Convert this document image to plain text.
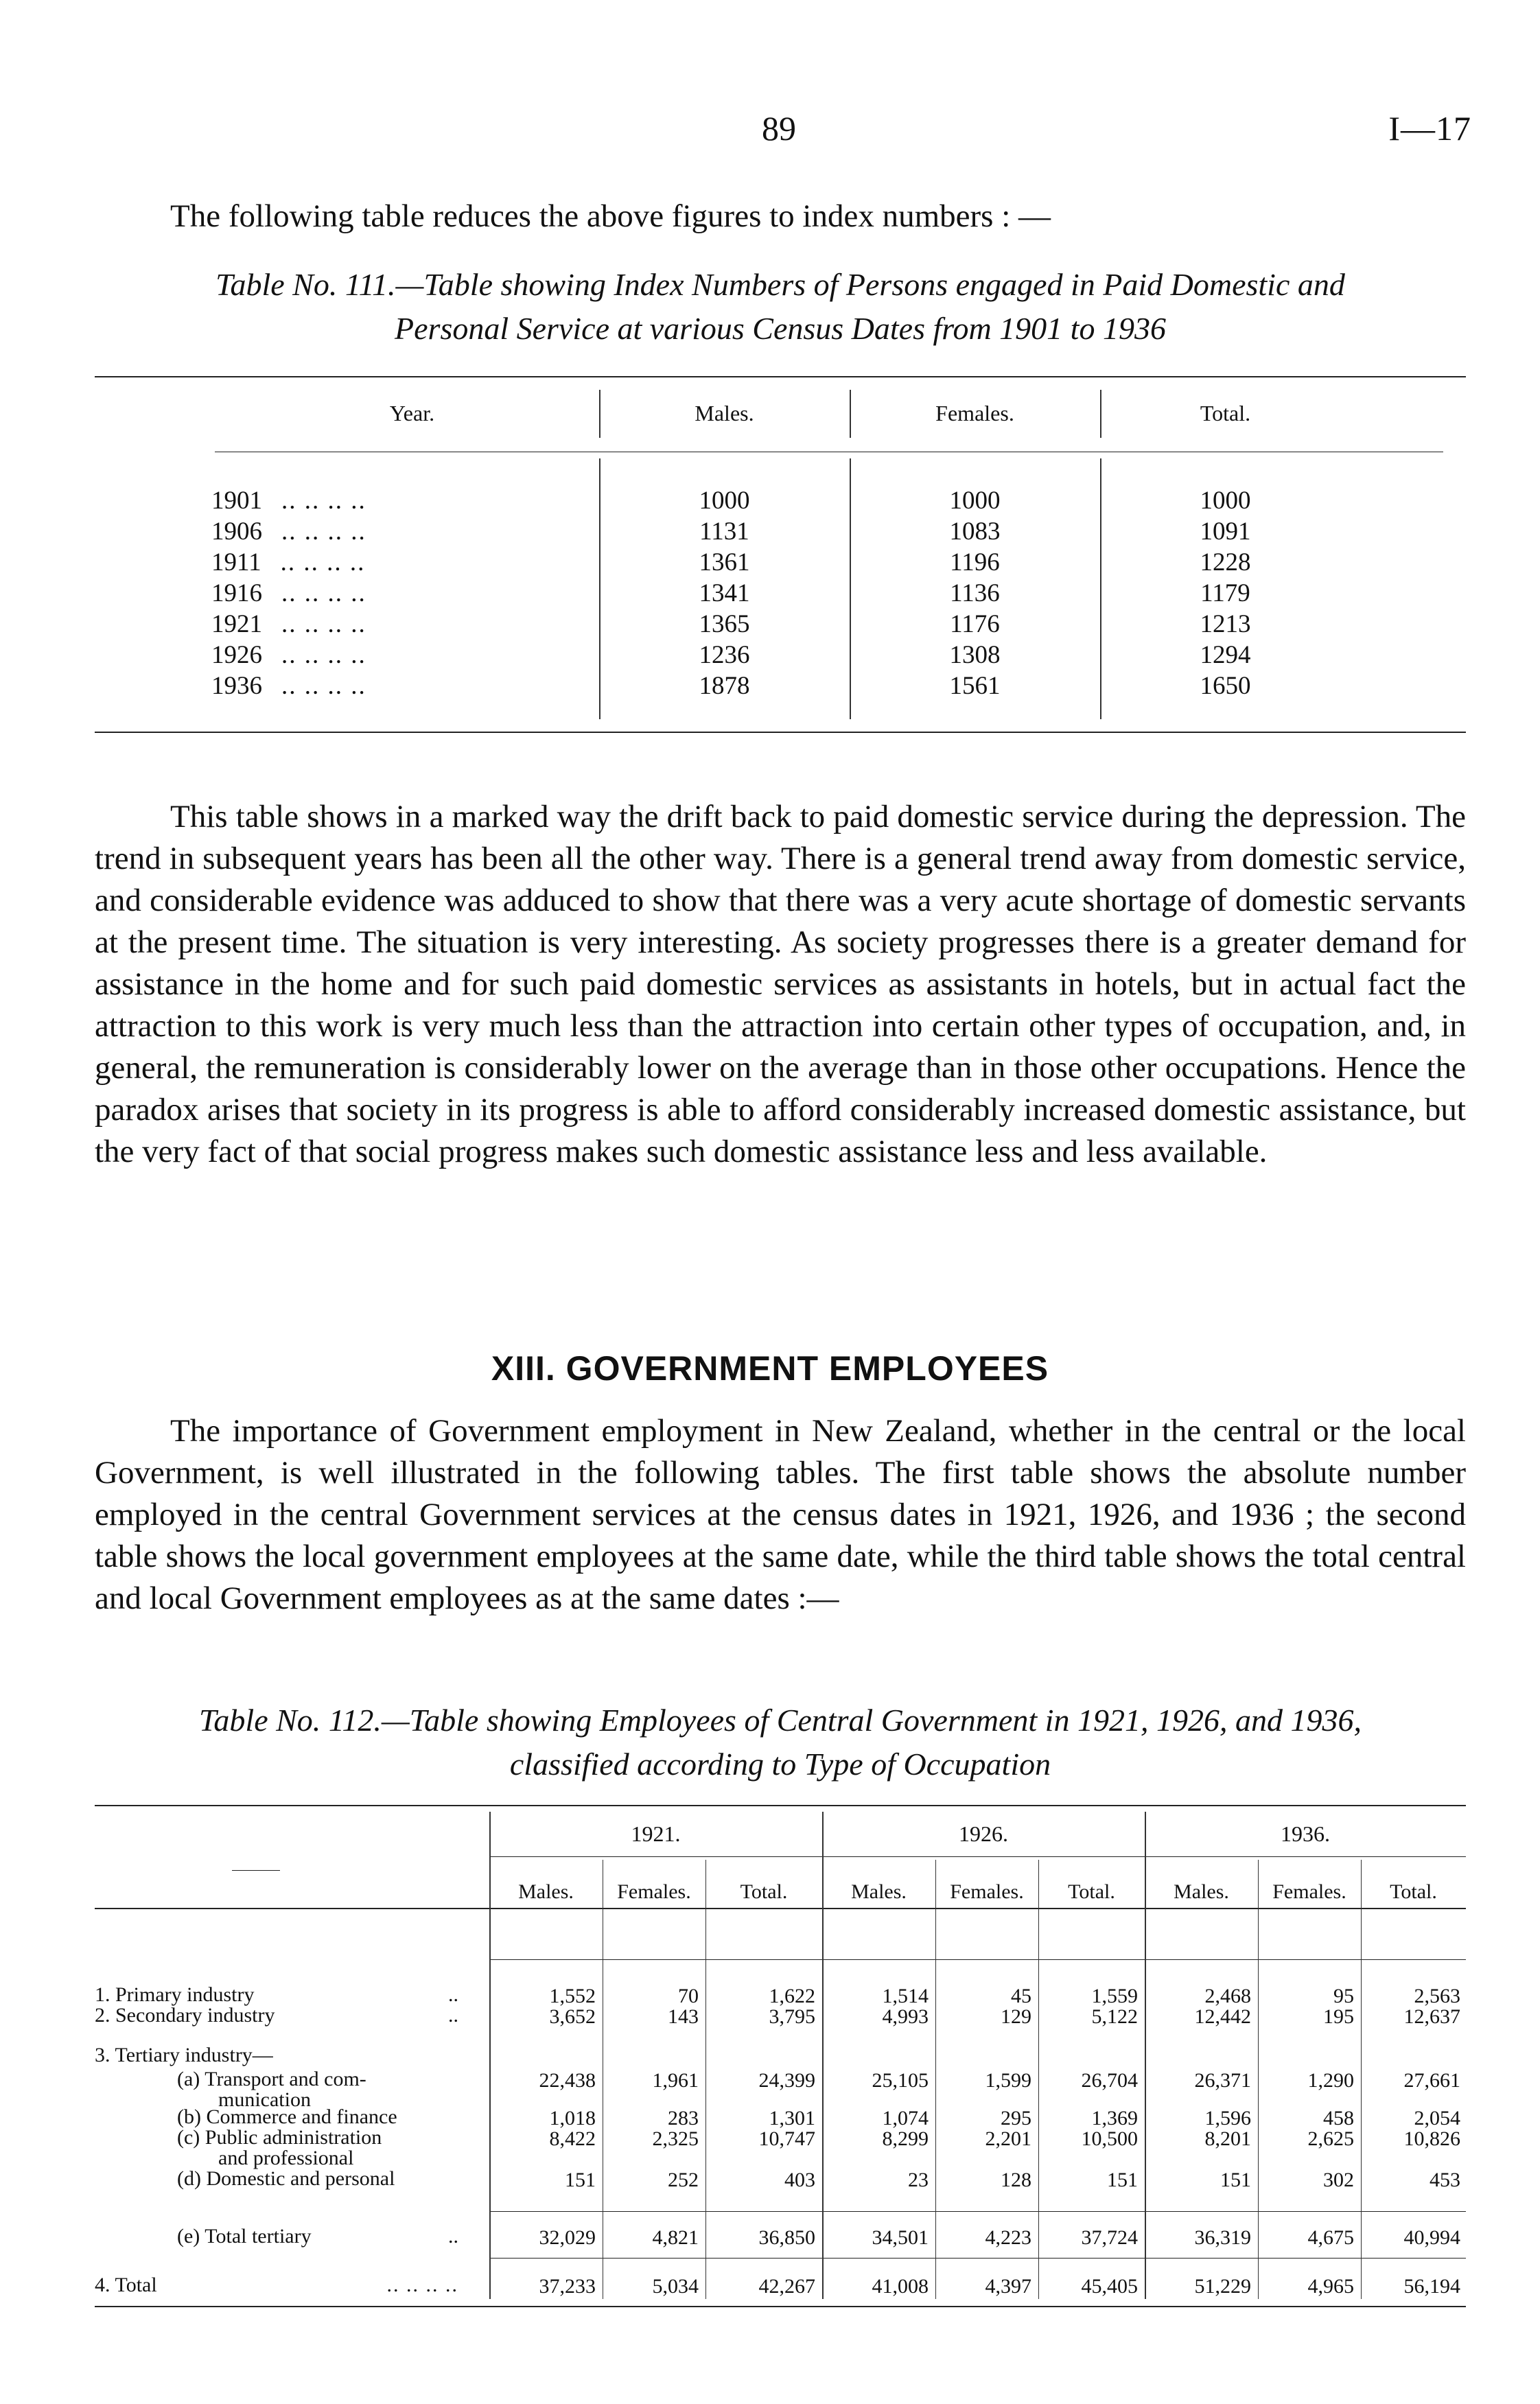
89	I—17

The following table reduces the above figures to index numbers : —

Table No. 111.—Table showing Index Numbers of Persons engaged in Paid Domestic and
Personal Service at various Census Dates from 1901 to 1936

Year.	Males.	Females.	Total.
1901 .. .. .. ..	1000	1000	1000
1906 .. .. .. ..	1131	1083	1091
1911 .. .. .. ..	1361	1196	1228
1916 .. .. .. ..	1341	1136	1179
1921 .. .. .. ..	1365	1176	1213
1926 .. .. .. ..	1236	1308	1294
1936 .. .. .. ..	1878	1561	1650

This table shows in a marked way the drift back to paid domestic service during the depression. The trend in subsequent years has been all the other way. There is a general trend away from domestic service, and considerable evidence was adduced to show that there was a very acute shortage of domestic servants at the present time. The situation is very interesting. As society progresses there is a greater demand for assistance in the home and for such paid domestic services as assistants in hotels, but in actual fact the attraction to this work is very much less than the attraction into certain other types of occupation, and, in general, the remuneration is considerably lower on the average than in those other occupations. Hence the paradox arises that society in its progress is able to afford considerably increased domestic assistance, but the very fact of that social progress makes such domestic assistance less and less available.

XIII. GOVERNMENT EMPLOYEES

The importance of Government employment in New Zealand, whether in the central or the local Government, is well illustrated in the following tables. The first table shows the absolute number employed in the central Government services at the census dates in 1921, 1926, and 1936 ; the second table shows the local government employees at the same date, while the third table shows the total central and local Government employees as at the same dates :—

Table No. 112.—Table showing Employees of Central Government in 1921, 1926, and 1936,
classified according to Type of Occupation

1921.	1926.	1936.
Males.	Females.	Total.	Males.	Females.	Total.	Males.	Females.	Total.
1. Primary industry	..	1,552	70	1,622	1,514	45	1,559	2,468	95	2,563
2. Secondary industry	..	3,652	143	3,795	4,993	129	5,122	12,442	195	12,637
3. Tertiary industry—
(a) Transport and com-
munication
22,438	1,961	24,399	25,105	1,599	26,704	26,371	1,290	27,661
(b) Commerce and finance	1,018	283	1,301	1,074	295	1,369	1,596	458	2,054
(c) Public administration
and professional
8,422	2,325	10,747	8,299	2,201	10,500	8,201	2,625	10,826
(d) Domestic and personal	151	252	403	23	128	151	151	302	453
(e) Total tertiary	..	32,029	4,821	36,850	34,501	4,223	37,724	36,319	4,675	40,994
4. Total	.. .. .. ..	37,233	5,034	42,267	41,008	4,397	45,405	51,229	4,965	56,194
